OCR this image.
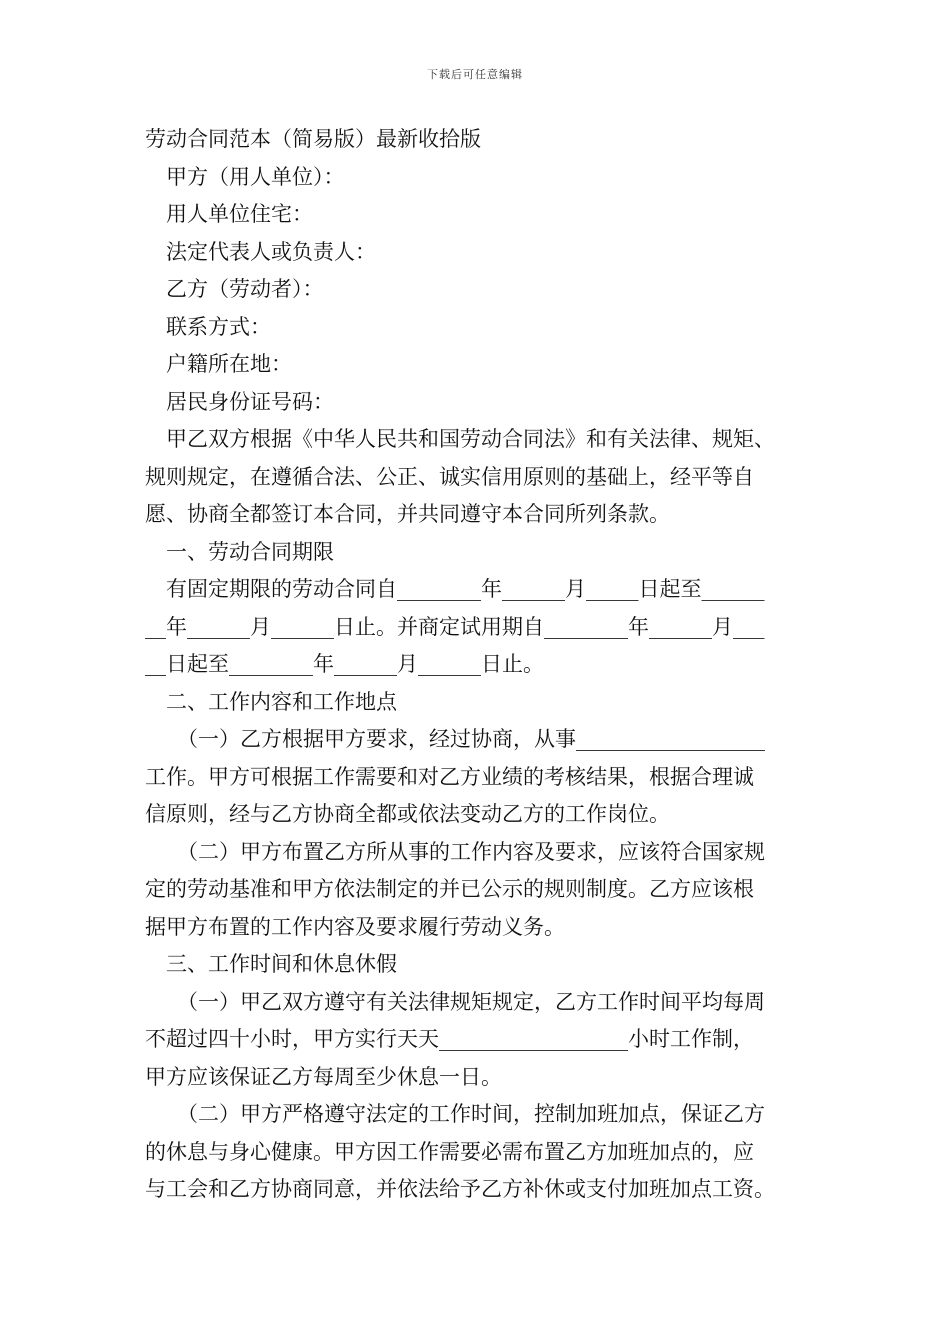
下载后可任意编辑
劳动合同范本（简易版）最新收拾版
甲方（用人单位）：
用人单位住宅：
法定代表人或负责人：
乙方（劳动者）：
联系方式：
户籍所在地：
居民身份证号码：
甲乙双方根据《中华人民共和国劳动合同法》和有关法律、规矩、
规则规定，在遵循合法、公正、诚实信用原则的基础上，经平等自
愿、协商全都签订本合同，并共同遵守本合同所列条款。
一、劳动合同期限
有固定期限的劳动合同自________年______月_____日起至______
__年______月______日止。并商定试用期自________年______月___
__日起至________年______月______日止。
二、工作内容和工作地点
（一）乙方根据甲方要求，经过协商，从事__________________
工作。甲方可根据工作需要和对乙方业绩的考核结果，根据合理诚
信原则，经与乙方协商全都或依法变动乙方的工作岗位。
（二）甲方布置乙方所从事的工作内容及要求，应该符合国家规
定的劳动基准和甲方依法制定的并已公示的规则制度。乙方应该根
据甲方布置的工作内容及要求履行劳动义务。
三、工作时间和休息休假
（一）甲乙双方遵守有关法律规矩规定，乙方工作时间平均每周
不超过四十小时，甲方实行天天__________________小时工作制，
甲方应该保证乙方每周至少休息一日。
（二）甲方严格遵守法定的工作时间，控制加班加点，保证乙方
的休息与身心健康。甲方因工作需要必需布置乙方加班加点的，应
与工会和乙方协商同意，并依法给予乙方补休或支付加班加点工资。
